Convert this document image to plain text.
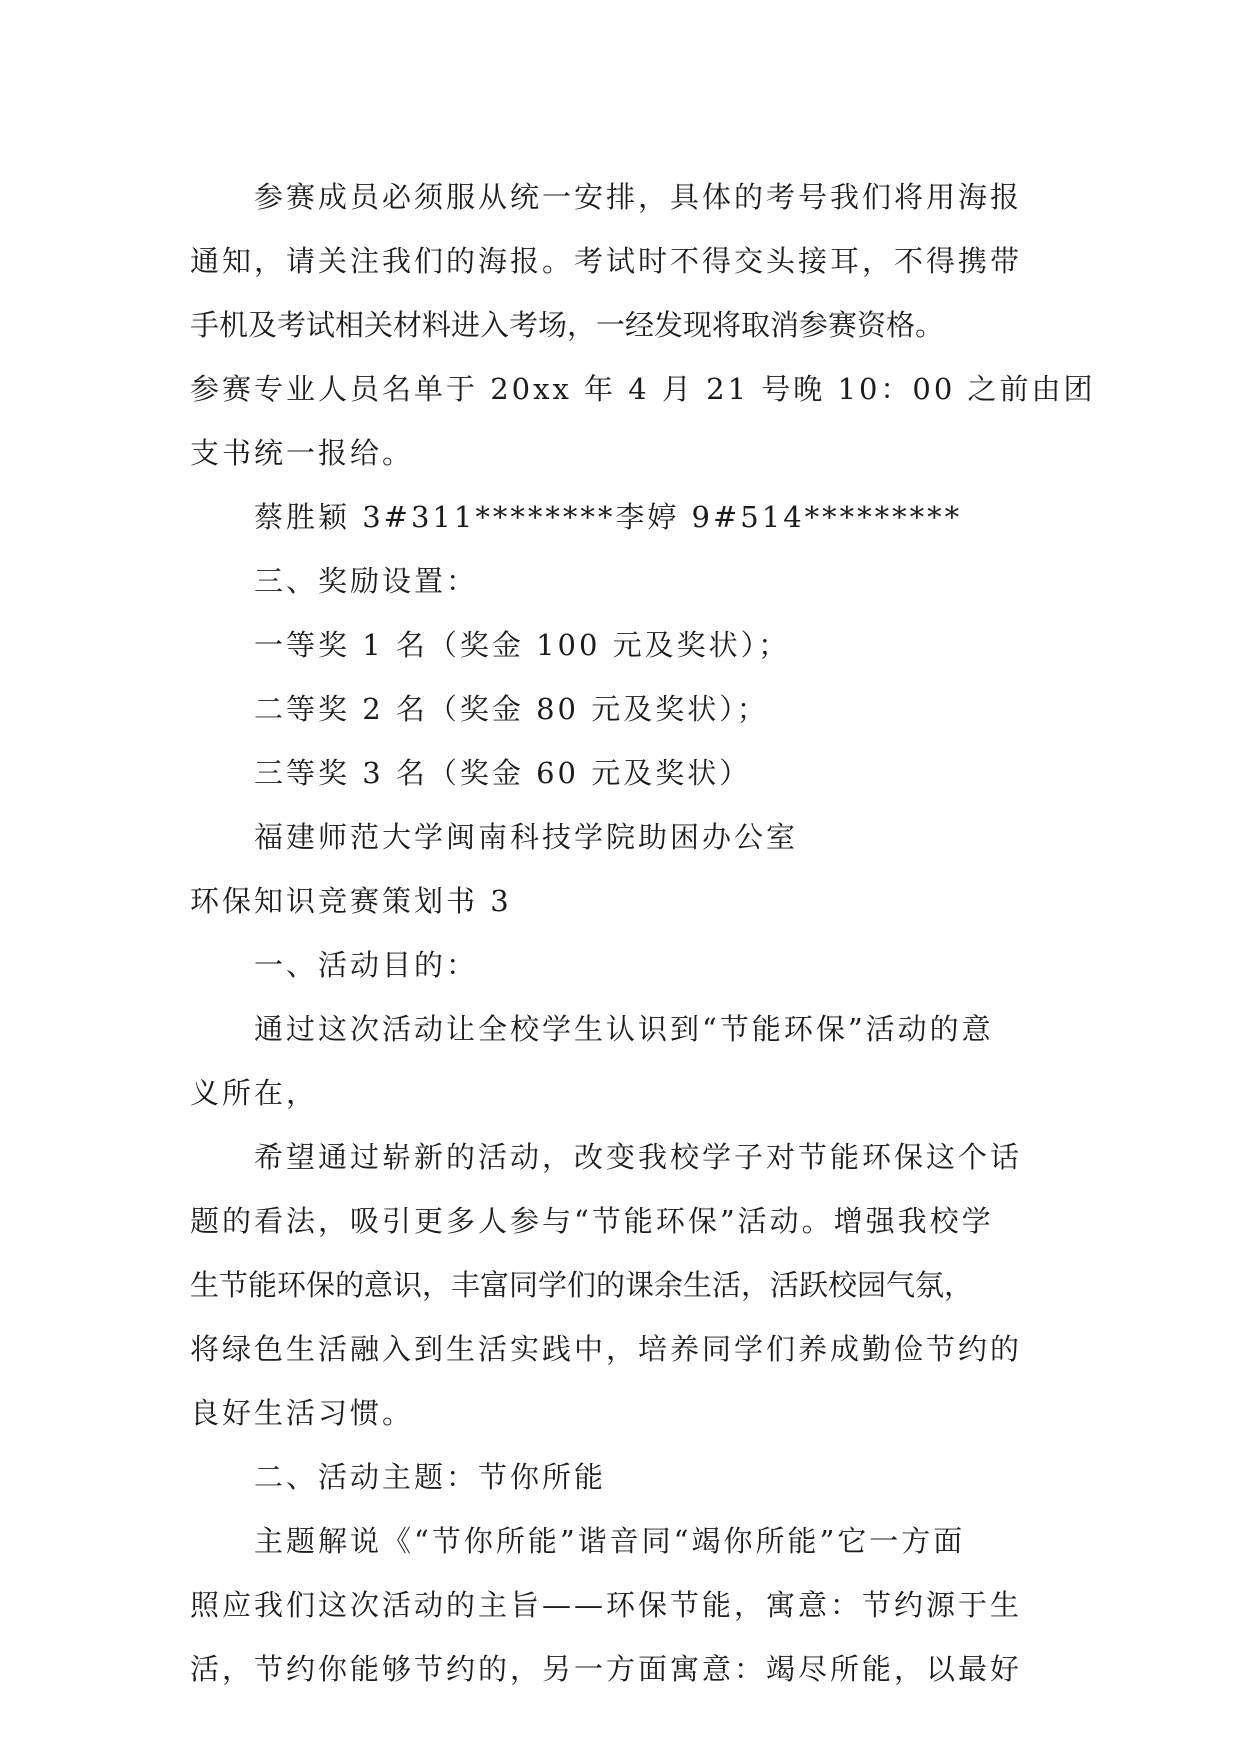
参赛成员必须服从统一安排，具体的考号我们将用海报

通知，请关注我们的海报。考试时不得交头接耳，不得携带

手机及考试相关材料进入考场，一经发现将取消参赛资格。

参赛专业人员名单于 20xx 年 4 月 21 号晚 10：00 之前由团

支书统一报给。

蔡胜颖 3#311********李婷 9#514*********

三、奖励设置：

一等奖 1 名（奖金 100 元及奖状）；

二等奖 2 名（奖金 80 元及奖状）；

三等奖 3 名（奖金 60 元及奖状）

福建师范大学闽南科技学院助困办公室

环保知识竞赛策划书 3

一、活动目的：

通过这次活动让全校学生认识到“节能环保”活动的意

义所在，

希望通过崭新的活动，改变我校学子对节能环保这个话

题的看法，吸引更多人参与“节能环保”活动。增强我校学

生节能环保的意识，丰富同学们的课余生活，活跃校园气氛，

将绿色生活融入到生活实践中，培养同学们养成勤俭节约的

良好生活习惯。

二、活动主题：节你所能

主题解说《“节你所能”谐音同“竭你所能”它一方面

照应我们这次活动的主旨——环保节能，寓意：节约源于生

活，节约你能够节约的，另一方面寓意：竭尽所能，以最好
